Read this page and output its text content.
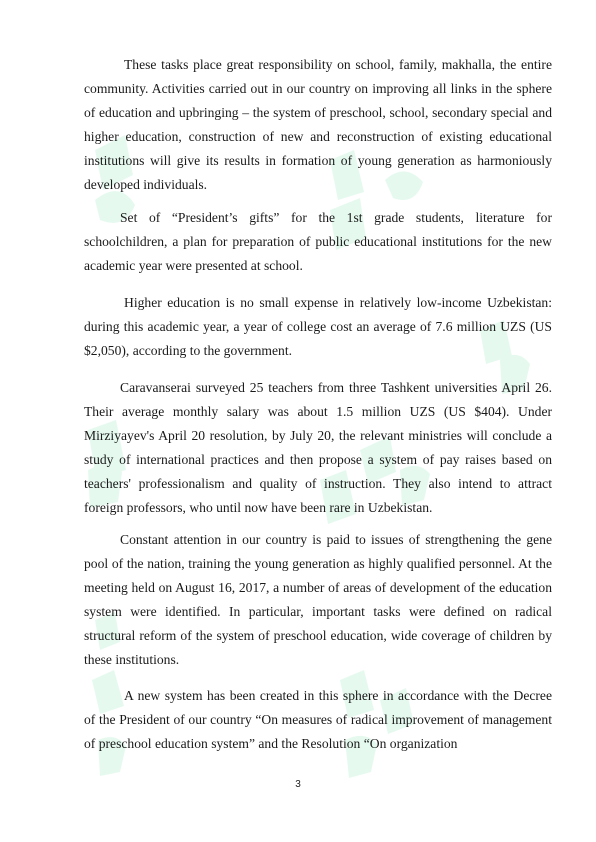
These tasks place great responsibility on school, family, makhalla, the entire community. Activities carried out in our country on improving all links in the sphere of education and upbringing – the system of preschool, school, secondary special and higher education, construction of new and reconstruction of existing educational institutions will give its results in formation of young generation as harmoniously developed individuals.

Set of “President’s gifts” for the 1st grade students, literature for schoolchildren, a plan for preparation of public educational institutions for the new academic year were presented at school.

Higher education is no small expense in relatively low-income Uzbekistan: during this academic year, a year of college cost an average of 7.6 million UZS (US $2,050), according to the government.

Caravanserai surveyed 25 teachers from three Tashkent universities April 26. Their average monthly salary was about 1.5 million UZS (US $404). Under Mirziyayev's April 20 resolution, by July 20, the relevant ministries will conclude a study of international practices and then propose a system of pay raises based on teachers' professionalism and quality of instruction. They also intend to attract foreign professors, who until now have been rare in Uzbekistan.

Constant attention in our country is paid to issues of strengthening the gene pool of the nation, training the young generation as highly qualified personnel. At the meeting held on August 16, 2017, a number of areas of development of the education system were identified. In particular, important tasks were defined on radical structural reform of the system of preschool education, wide coverage of children by these institutions.

A new system has been created in this sphere in accordance with the Decree of the President of our country “On measures of radical improvement of management of preschool education system” and the Resolution “On organization

3
